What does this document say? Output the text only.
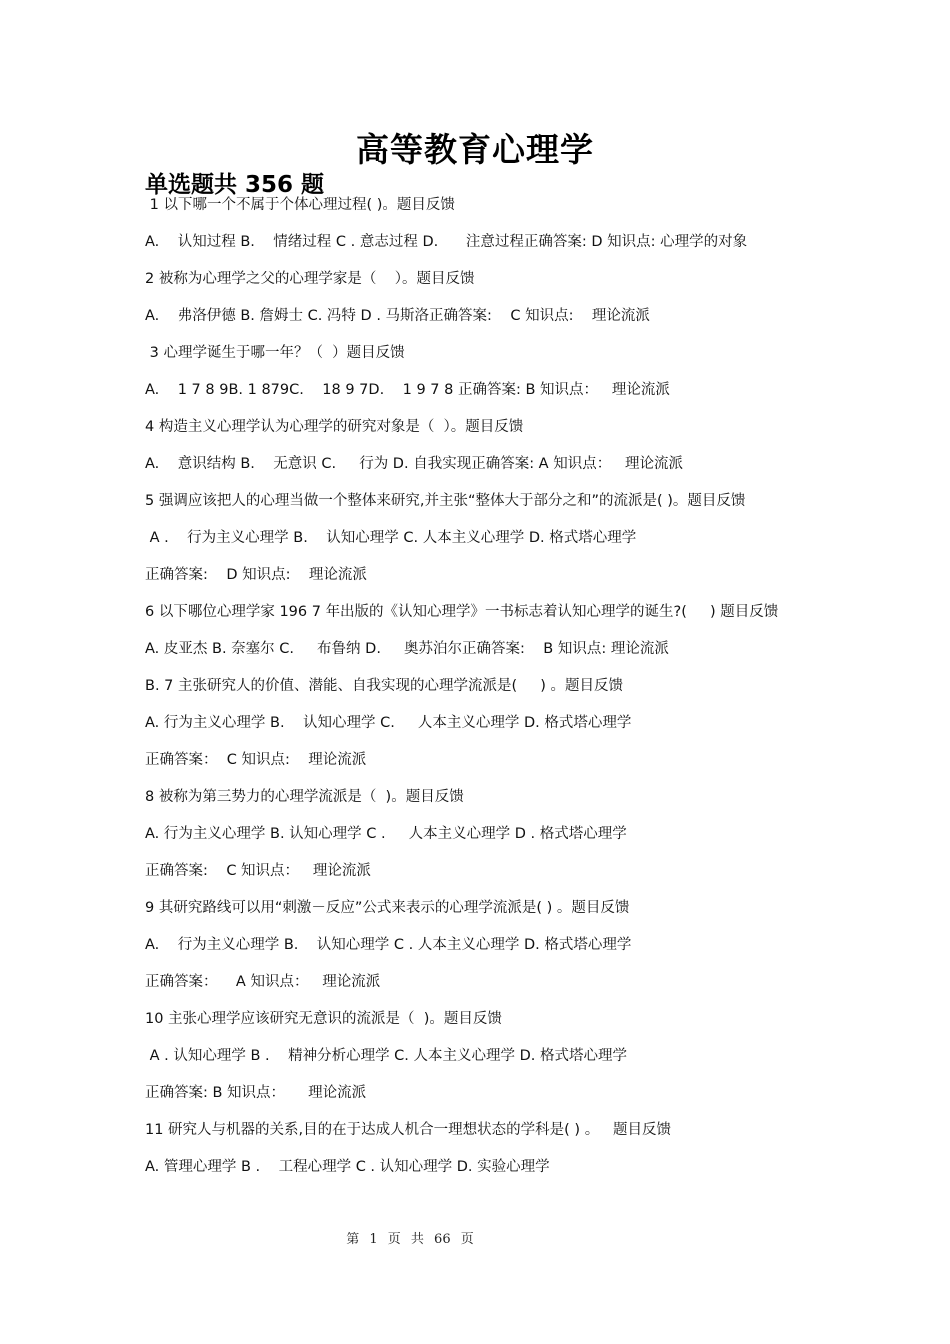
高等教育心理学
单选题共 356 题
1 以下哪一个不属于个体心理过程( )。题目反馈
A.    认知过程 B.    情绪过程 C . 意志过程 D.      注意过程正确答案: D 知识点: 心理学的对象
2 被称为心理学之父的心理学家是（    ）。题目反馈
A.    弗洛伊德 B. 詹姆士 C. 冯特 D . 马斯洛正确答案:    C 知识点:    理论流派
3 心理学诞生于哪一年？（  ）题目反馈
A.    1 7 8 9B. 1 879C.    18 9 7D.    1 9 7 8 正确答案: B 知识点：   理论流派
4 构造主义心理学认为心理学的研究对象是（  ）。题目反馈
A.    意识结构 B.    无意识 C.     行为 D. 自我实现正确答案: A 知识点：   理论流派
5 强调应该把人的心理当做一个整体来研究,并主张“整体大于部分之和”的流派是( )。题目反馈
A .    行为主义心理学 B.    认知心理学 C. 人本主义心理学 D. 格式塔心理学
正确答案:    D 知识点:    理论流派
6 以下哪位心理学家 196 7 年出版的《认知心理学》一书标志着认知心理学的诞生?(     ) 题目反馈
A. 皮亚杰 B. 奈塞尔 C.     布鲁纳 D.     奥苏泊尔正确答案:    B 知识点: 理论流派
B. 7 主张研究人的价值、潜能、自我实现的心理学流派是(     ) 。题目反馈
A. 行为主义心理学 B.    认知心理学 C.     人本主义心理学 D. 格式塔心理学
正确答案：  C 知识点:    理论流派
8 被称为第三势力的心理学流派是（  )。题目反馈
A. 行为主义心理学 B. 认知心理学 C .     人本主义心理学 D . 格式塔心理学
正确答案:    C 知识点：   理论流派
9 其研究路线可以用“刺激－反应”公式来表示的心理学流派是( ) 。题目反馈
A.    行为主义心理学 B.    认知心理学 C . 人本主义心理学 D. 格式塔心理学
正确答案：    A 知识点：   理论流派
10 主张心理学应该研究无意识的流派是（  )。题目反馈
A . 认知心理学 B .    精神分析心理学 C. 人本主义心理学 D. 格式塔心理学
正确答案: B 知识点：     理论流派
11 研究人与机器的关系,目的在于达成人机合一理想状态的学科是( ) 。   题目反馈
A. 管理心理学 B .    工程心理学 C . 认知心理学 D. 实验心理学
第 1 页 共 66 页
